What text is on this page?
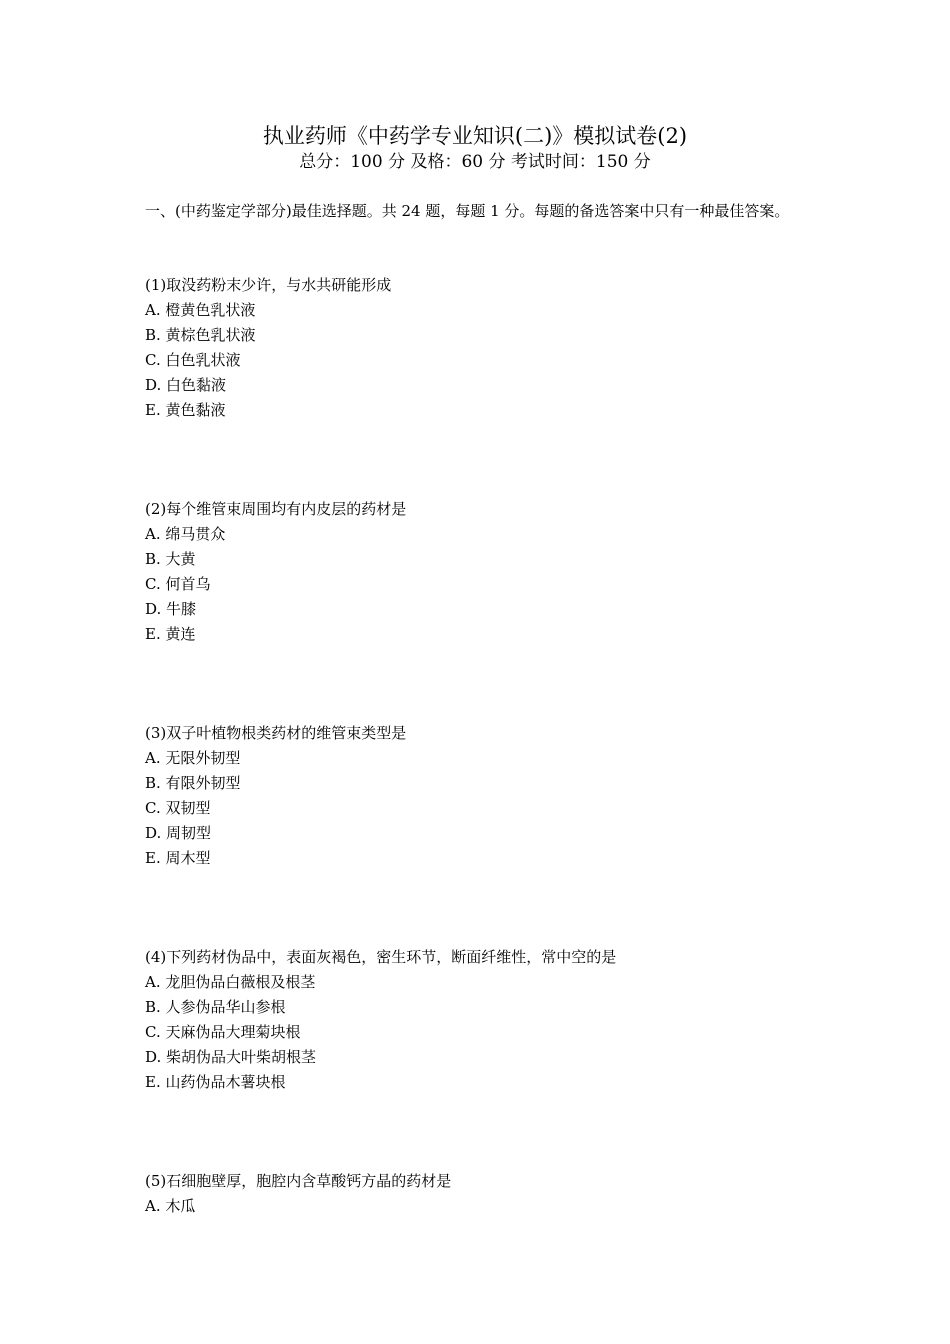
执业药师《中药学专业知识(二)》模拟试卷(2)
总分：100 分 及格：60 分 考试时间：150 分
一、(中药鉴定学部分)最佳选择题。共 24 题，每题 1 分。每题的备选答案中只有一种最佳答案。
(1)取没药粉末少许，与水共研能形成
A. 橙黄色乳状液
B. 黄棕色乳状液
C. 白色乳状液
D. 白色黏液
E. 黄色黏液
(2)每个维管束周围均有内皮层的药材是
A. 绵马贯众
B. 大黄
C. 何首乌
D. 牛膝
E. 黄连
(3)双子叶植物根类药材的维管束类型是
A. 无限外韧型
B. 有限外韧型
C. 双韧型
D. 周韧型
E. 周木型
(4)下列药材伪品中，表面灰褐色，密生环节，断面纤维性，常中空的是
A. 龙胆伪品白薇根及根茎
B. 人参伪品华山参根
C. 天麻伪品大理菊块根
D. 柴胡伪品大叶柴胡根茎
E. 山药伪品木薯块根
(5)石细胞壁厚，胞腔内含草酸钙方晶的药材是
A. 木瓜
